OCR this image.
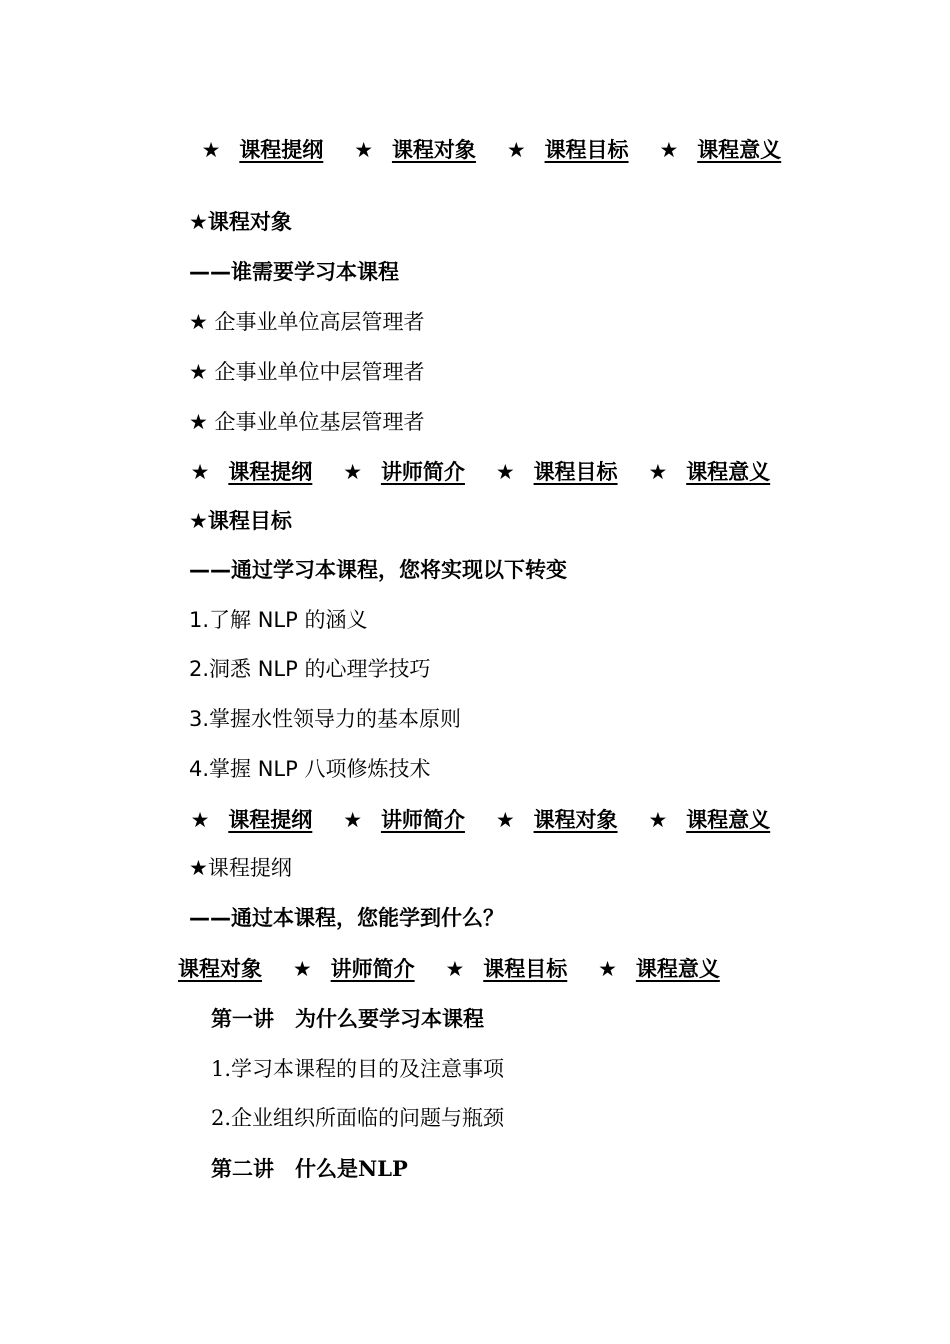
★ 课程提纲 ★ 课程对象 ★ 课程目标 ★ 课程意义
★课程对象
——谁需要学习本课程
★ 企事业单位高层管理者
★ 企事业单位中层管理者
★ 企事业单位基层管理者
★ 课程提纲 ★ 讲师简介 ★ 课程目标 ★ 课程意义
★课程目标
——通过学习本课程，您将实现以下转变
1.了解 NLP 的涵义
2.洞悉 NLP 的心理学技巧
3.掌握水性领导力的基本原则
4.掌握 NLP 八项修炼技术
★ 课程提纲 ★ 讲师简介 ★ 课程对象 ★ 课程意义
★课程提纲
——通过本课程，您能学到什么？
课程对象 ★ 讲师简介 ★ 课程目标 ★ 课程意义
第一讲　为什么要学习本课程
1.学习本课程的目的及注意事项
2.企业组织所面临的问题与瓶颈
第二讲　什么是NLP
